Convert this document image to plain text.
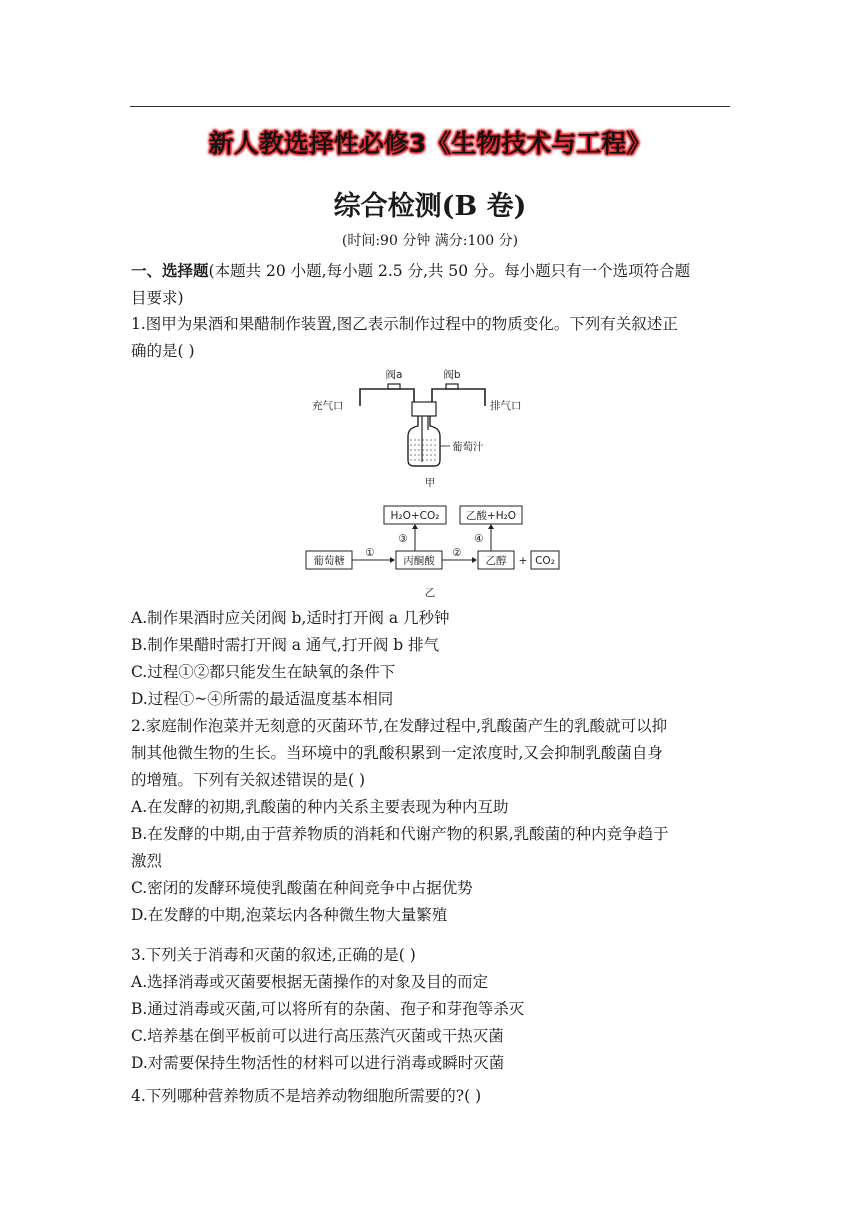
新人教选择性必修3《生物技术与工程》
综合检测(B 卷)
(时间:90 分钟 满分:100 分)
一、选择题(本题共 20 小题,每小题 2.5 分,共 50 分。每小题只有一个选项符合题
目要求)
1.图甲为果酒和果醋制作装置,图乙表示制作过程中的物质变化。下列有关叙述正
确的是( )
阀a	阀b
充气口	排气口
葡萄汁
甲
H₂O+CO₂	乙酸+H₂O
葡萄糖
①
丙酮酸
②
乙醇 + CO₂
③	④
乙
A.制作果酒时应关闭阀 b,适时打开阀 a 几秒钟
B.制作果醋时需打开阀 a 通气,打开阀 b 排气
C.过程①②都只能发生在缺氧的条件下
D.过程①~④所需的最适温度基本相同
2.家庭制作泡菜并无刻意的灭菌环节,在发酵过程中,乳酸菌产生的乳酸就可以抑
制其他微生物的生长。当环境中的乳酸积累到一定浓度时,又会抑制乳酸菌自身
的增殖。下列有关叙述错误的是( )
A.在发酵的初期,乳酸菌的种内关系主要表现为种内互助
B.在发酵的中期,由于营养物质的消耗和代谢产物的积累,乳酸菌的种内竞争趋于
激烈
C.密闭的发酵环境使乳酸菌在种间竞争中占据优势
D.在发酵的中期,泡菜坛内各种微生物大量繁殖
3.下列关于消毒和灭菌的叙述,正确的是( )
A.选择消毒或灭菌要根据无菌操作的对象及目的而定
B.通过消毒或灭菌,可以将所有的杂菌、孢子和芽孢等杀灭
C.培养基在倒平板前可以进行高压蒸汽灭菌或干热灭菌
D.对需要保持生物活性的材料可以进行消毒或瞬时灭菌
4.下列哪种营养物质不是培养动物细胞所需要的?( )
